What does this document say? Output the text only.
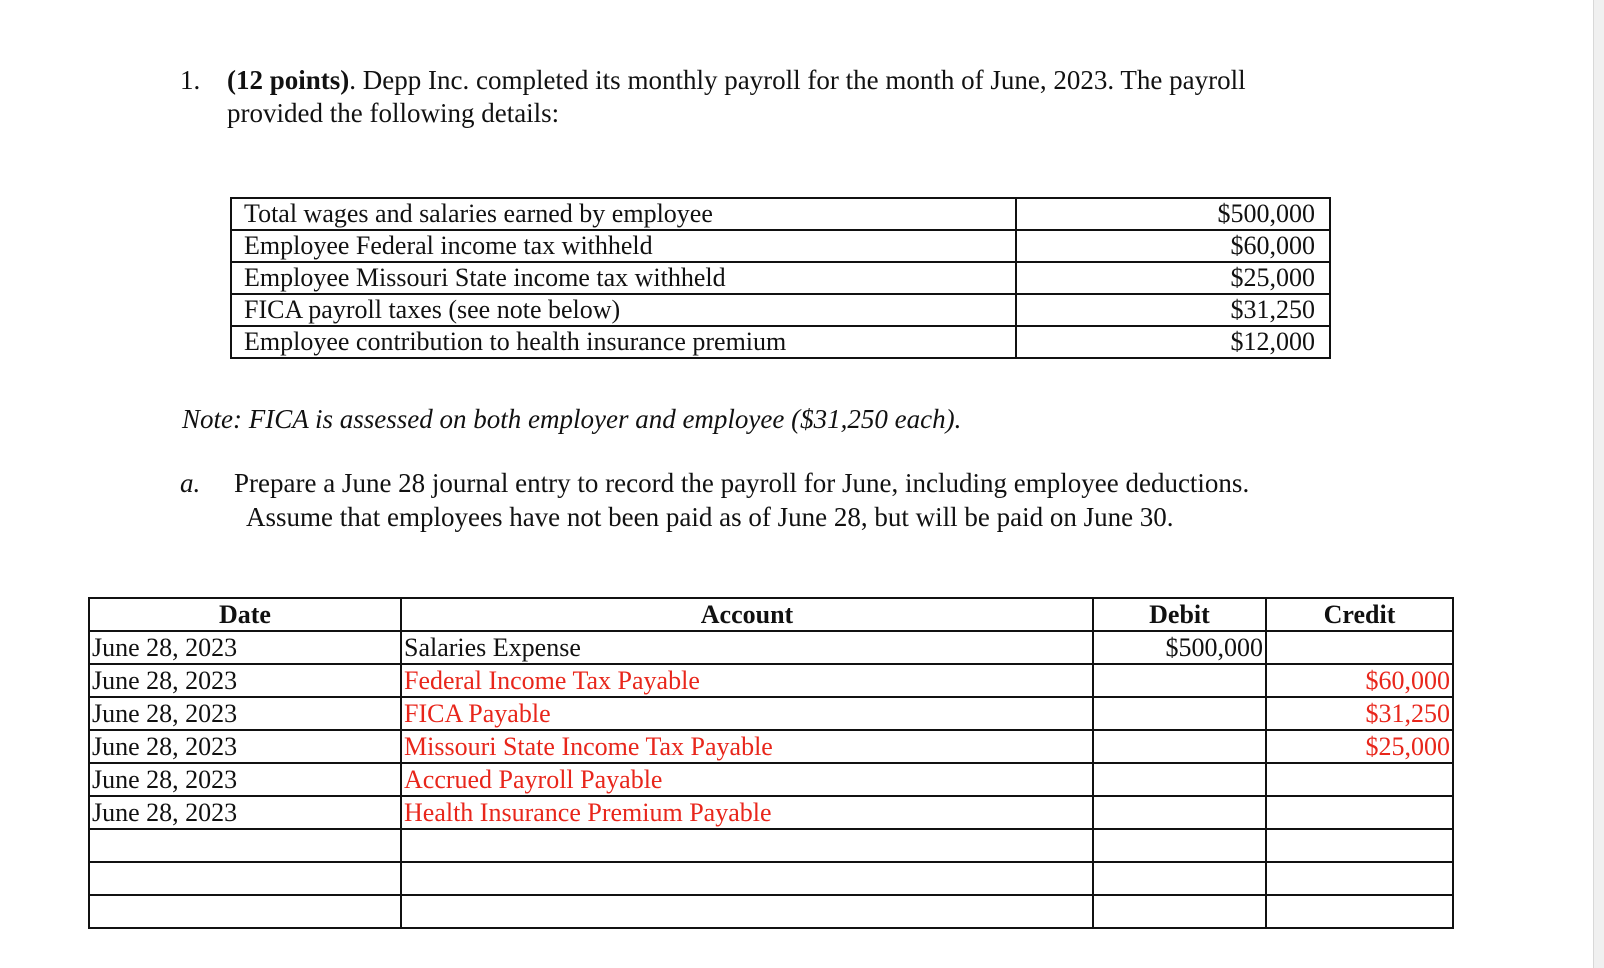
1. (12 points). Depp Inc. completed its monthly payroll for the month of June, 2023. The payroll
provided the following details:
Total wages and salaries earned by employee	$500,000
Employee Federal income tax withheld	$60,000
Employee Missouri State income tax withheld	$25,000
FICA payroll taxes (see note below)	$31,250
Employee contribution to health insurance premium	$12,000
Note: FICA is assessed on both employer and employee ($31,250 each).
a. Prepare a June 28 journal entry to record the payroll for June, including employee deductions.
Assume that employees have not been paid as of June 28, but will be paid on June 30.
Date	Account	Debit	Credit
June 28, 2023	Salaries Expense	$500,000	
June 28, 2023	Federal Income Tax Payable		$60,000
June 28, 2023	FICA Payable		$31,250
June 28, 2023	Missouri State Income Tax Payable		$25,000
June 28, 2023	Accrued Payroll Payable		
June 28, 2023	Health Insurance Premium Payable		
